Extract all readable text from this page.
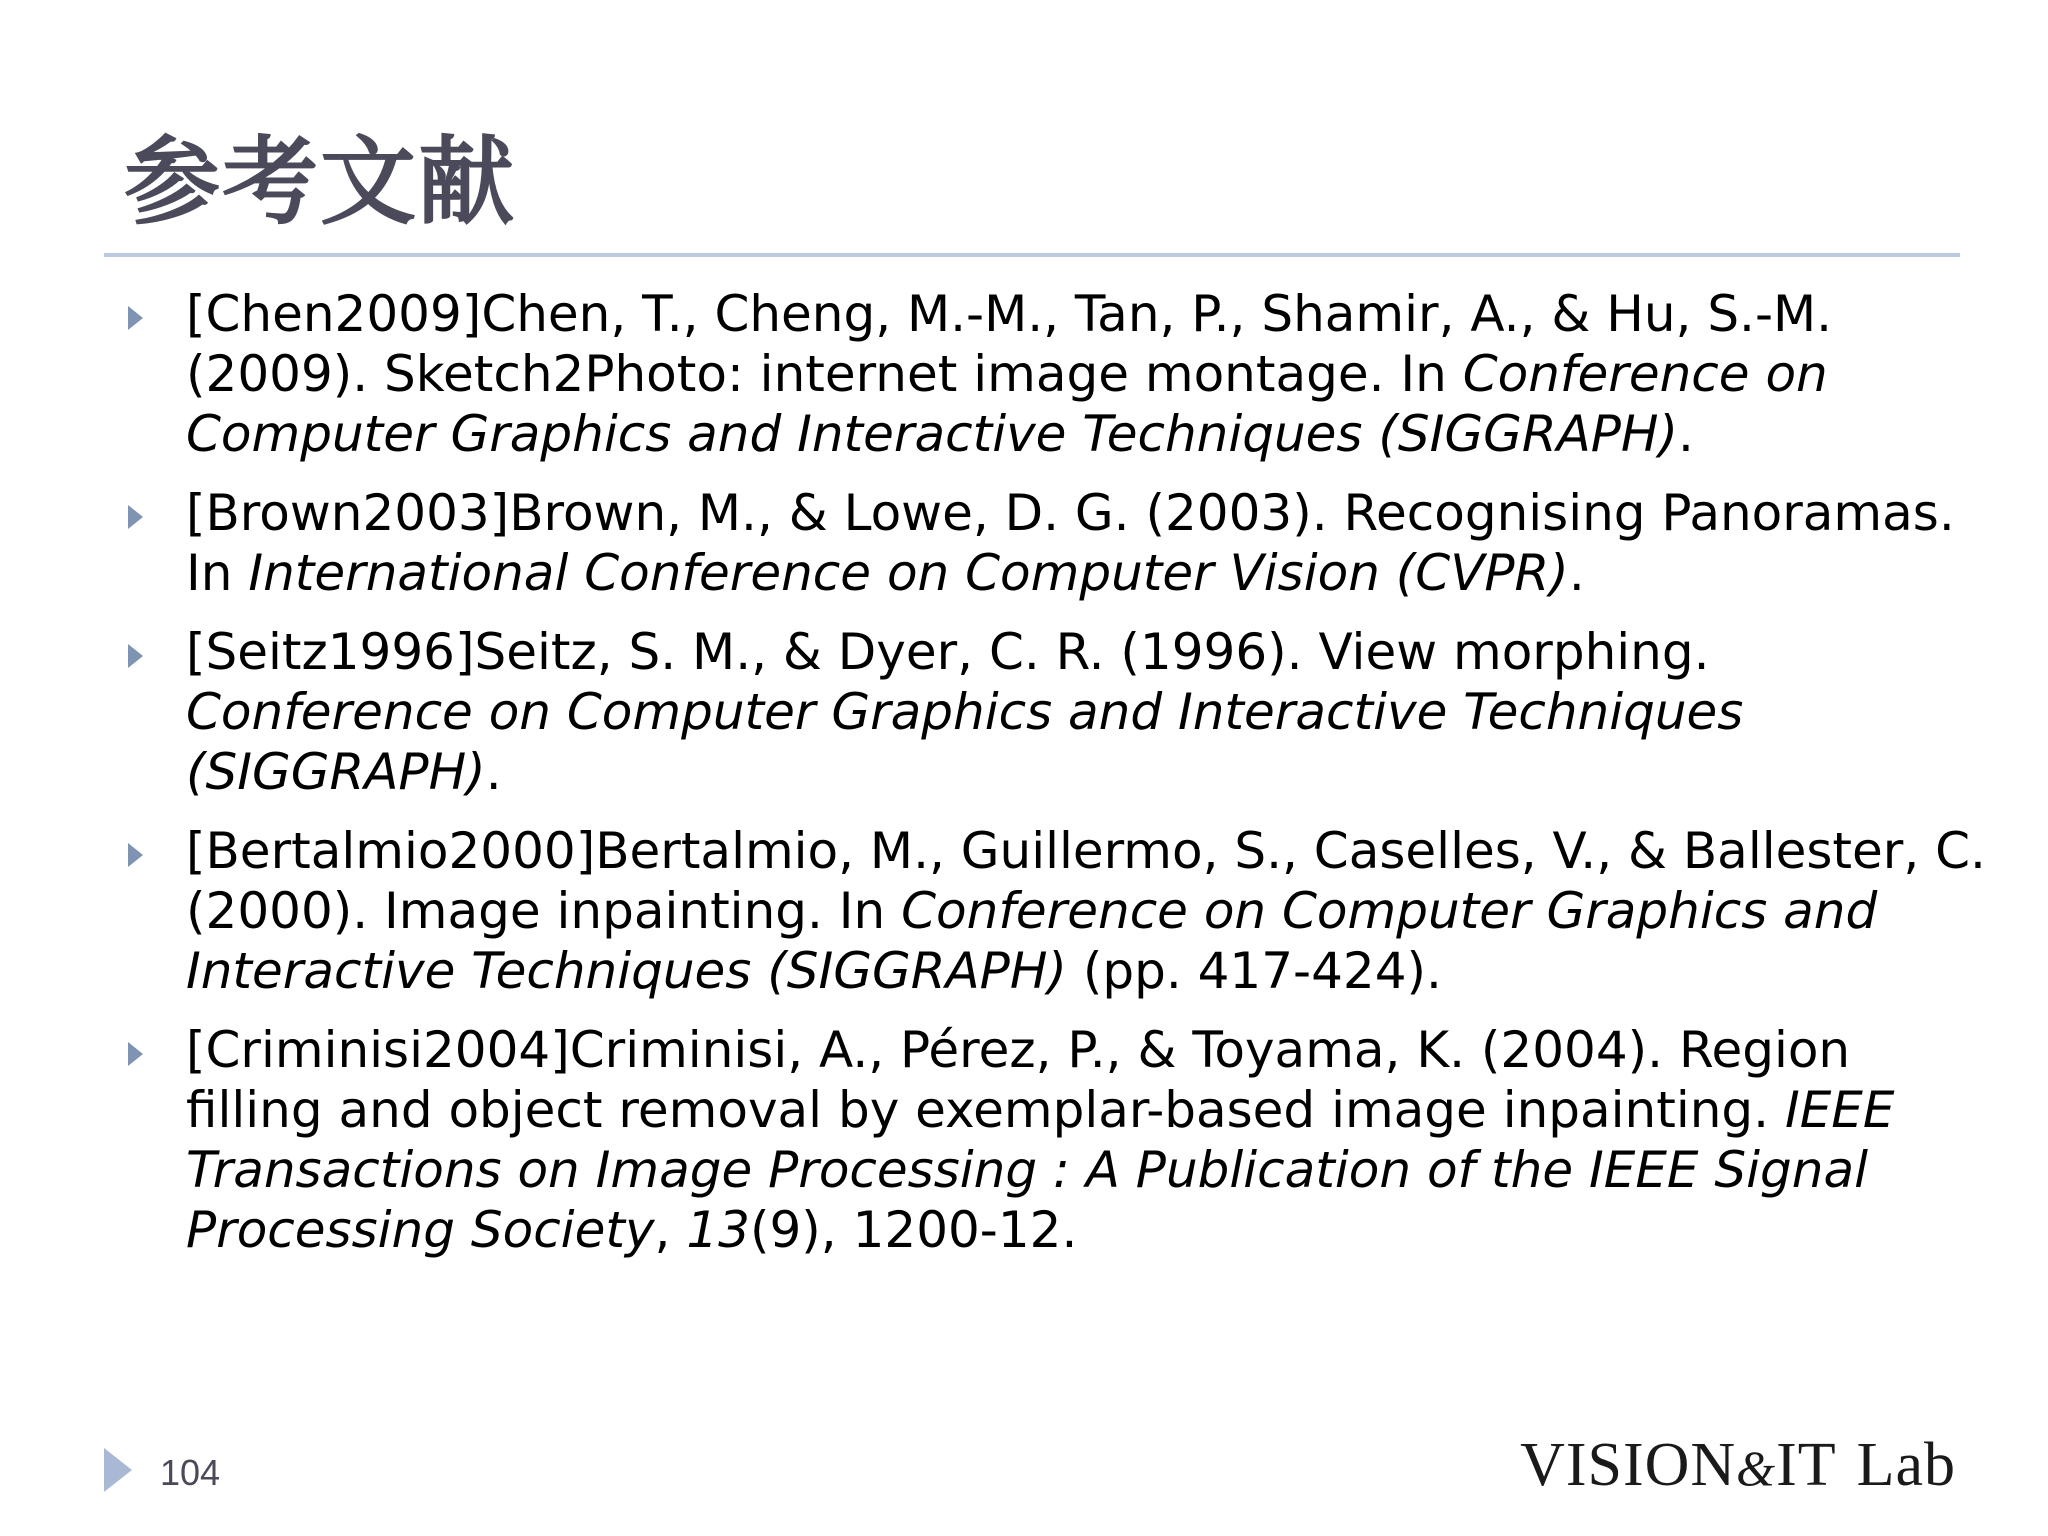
参考文献
[Chen2009]Chen, T., Cheng, M.-M., Tan, P., Shamir, A., & Hu, S.-M. (2009). Sketch2Photo: internet image montage. In Conference on Computer Graphics and Interactive Techniques (SIGGRAPH).
[Brown2003]Brown, M., & Lowe, D. G. (2003). Recognising Panoramas. In International Conference on Computer Vision (CVPR).
[Seitz1996]Seitz, S. M., & Dyer, C. R. (1996). View morphing. Conference on Computer Graphics and Interactive Techniques (SIGGRAPH).
[Bertalmio2000]Bertalmio, M., Guillermo, S., Caselles, V., & Ballester, C. (2000). Image inpainting. In Conference on Computer Graphics and Interactive Techniques (SIGGRAPH) (pp. 417-424).
[Criminisi2004]Criminisi, A., Pérez, P., & Toyama, K. (2004). Region filling and object removal by exemplar-based image inpainting. IEEE Transactions on Image Processing : A Publication of the IEEE Signal Processing Society, 13(9), 1200-12.
104	VISION&IT Lab
